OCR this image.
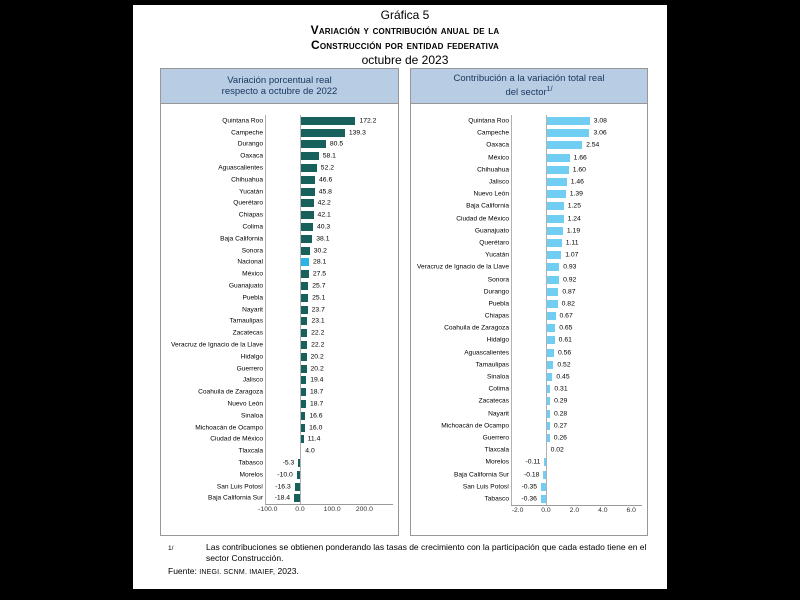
Gráfica 5
Variación y contribución anual de la
Construcción por entidad federativa
octubre de 2023
Variación porcentual real
respecto a octubre de 2022
Quintana Roo	172.2
Campeche	139.3
Durango	80.5
Oaxaca	58.1
Aguascalientes	52.2
Chihuahua	46.6
Yucatán	45.8
Querétaro	42.2
Chiapas	42.1
Colima	40.3
Baja California	38.1
Sonora	30.2
Nacional	28.1
México	27.5
Guanajuato	25.7
Puebla	25.1
Nayarit	23.7
Tamaulipas	23.1
Zacatecas	22.2
Veracruz de Ignacio de la Llave	22.2
Hidalgo	20.2
Guerrero	20.2
Jalisco	19.4
Coahuila de Zaragoza	18.7
Nuevo León	18.7
Sinaloa	16.6
Michoacán de Ocampo	16.0
Ciudad de México	11.4
Tlaxcala	4.0
Tabasco	-5.3
Morelos -10.0
San Luis Potosí -16.3
Baja California Sur -18.4
-100.0	0.0	100.0	200.0
Contribución a la variación total real
del sector$^{1/}$
Quintana Roo	3.08
Campeche	3.06
Oaxaca	2.54
México	1.66
Chihuahua	1.60
Jalisco	1.46
Nuevo León	1.39
Baja California	1.25
Ciudad de México	1.24
Guanajuato	1.19
Querétaro	1.11
Yucatán	1.07
Veracruz de Ignacio de la Llave	0.93
Sonora	0.92
Durango	0.87
Puebla	0.82
Chiapas	0.67
Coahuila de Zaragoza	0.65
Hidalgo	0.61
Aguascalientes	0.56
Tamaulipas	0.52
Sinaloa	0.45
Colima	0.31
Zacatecas	0.29
Nayarit	0.28
Michoacán de Ocampo	0.27
Guerrero	0.26
Tlaxcala	0.02
Morelos -0.11
Baja California Sur -0.18
San Luis Potosí -0.35
Tabasco -0.36
-2.0	0.0	2.0	4.0	6.0
1/	Las contribuciones se obtienen ponderando las tasas de crecimiento con la participación que cada estado tiene en el sector Construcción.
Fuente: INEGI. SCNM. IMAIEF, 2023.
